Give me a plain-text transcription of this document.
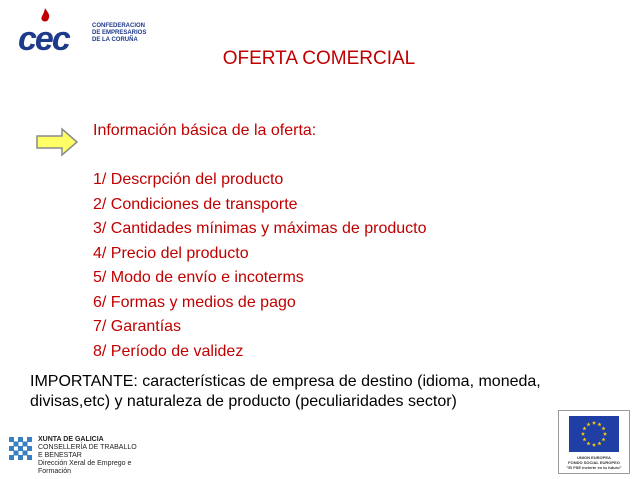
cec	CONFEDERACION
DE EMPRESARIOS
DE LA CORUÑA
OFERTA COMERCIAL
Información básica de la oferta:
1/ Descrpción del producto
2/ Condiciones de transporte
3/ Cantidades mínimas y máximas de producto
4/ Precio del producto
5/ Modo de envío e incoterms
6/ Formas y medios de pago
7/ Garantías
8/ Período de validez
IMPORTANTE: características de empresa de destino (idioma, moneda, divisas,etc) y naturaleza de producto (peculiaridades sector)
XUNTA DE GALICIA
CONSELLERÍA DE TRABALLO
E BENESTAR
Dirección Xeral de Emprego e Formación
UNION EUROPEA
FONDO SOCIAL EUROPEO
"El FSE invierte en tu futuro"
